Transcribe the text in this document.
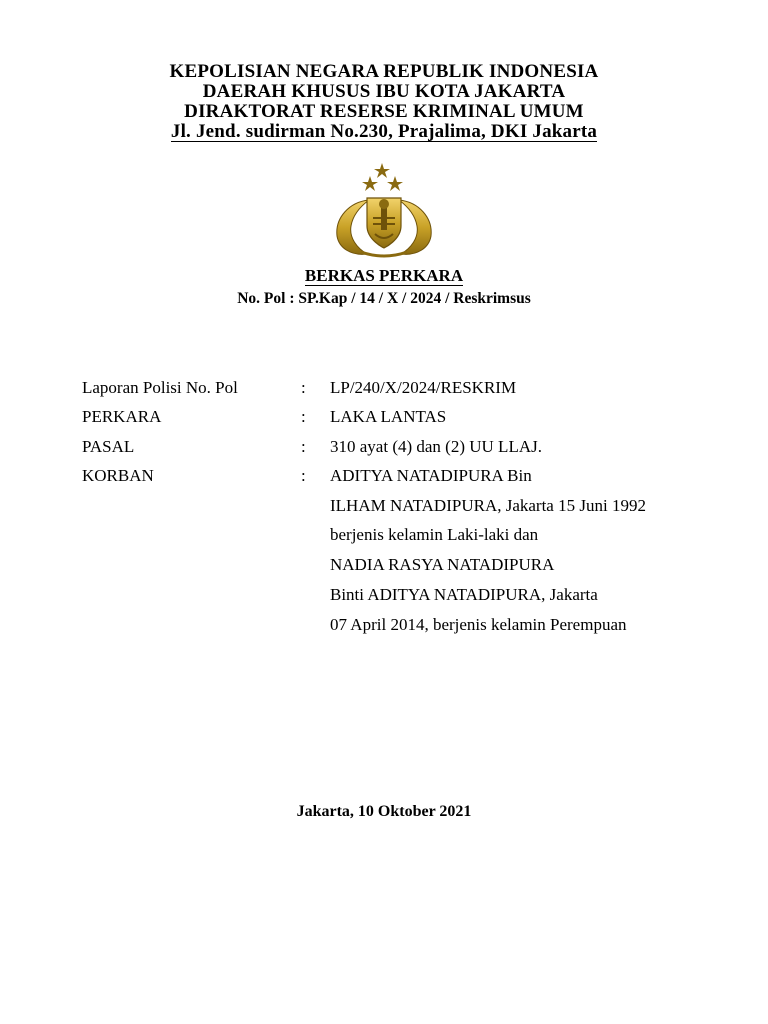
KEPOLISIAN NEGARA REPUBLIK INDONESIA
DAERAH KHUSUS IBU KOTA JAKARTA
DIRAKTORAT RESERSE KRIMINAL UMUM
Jl. Jend. sudirman No.230, Prajalima, DKI Jakarta
BERKAS PERKARA
No. Pol : SP.Kap / 14 / X / 2024 / Reskrimsus
Laporan Polisi No. Pol	: LP/240/X/2024/RESKRIM
PERKARA	: LAKA LANTAS
PASAL	: 310 ayat (4) dan (2) UU LLAJ.
KORBAN	: ADITYA NATADIPURA Bin
ILHAM NATADIPURA, Jakarta 15 Juni 1992
berjenis kelamin Laki-laki dan
NADIA RASYA NATADIPURA
Binti ADITYA NATADIPURA, Jakarta
07 April 2014, berjenis kelamin Perempuan
Jakarta, 10 Oktober 2021
